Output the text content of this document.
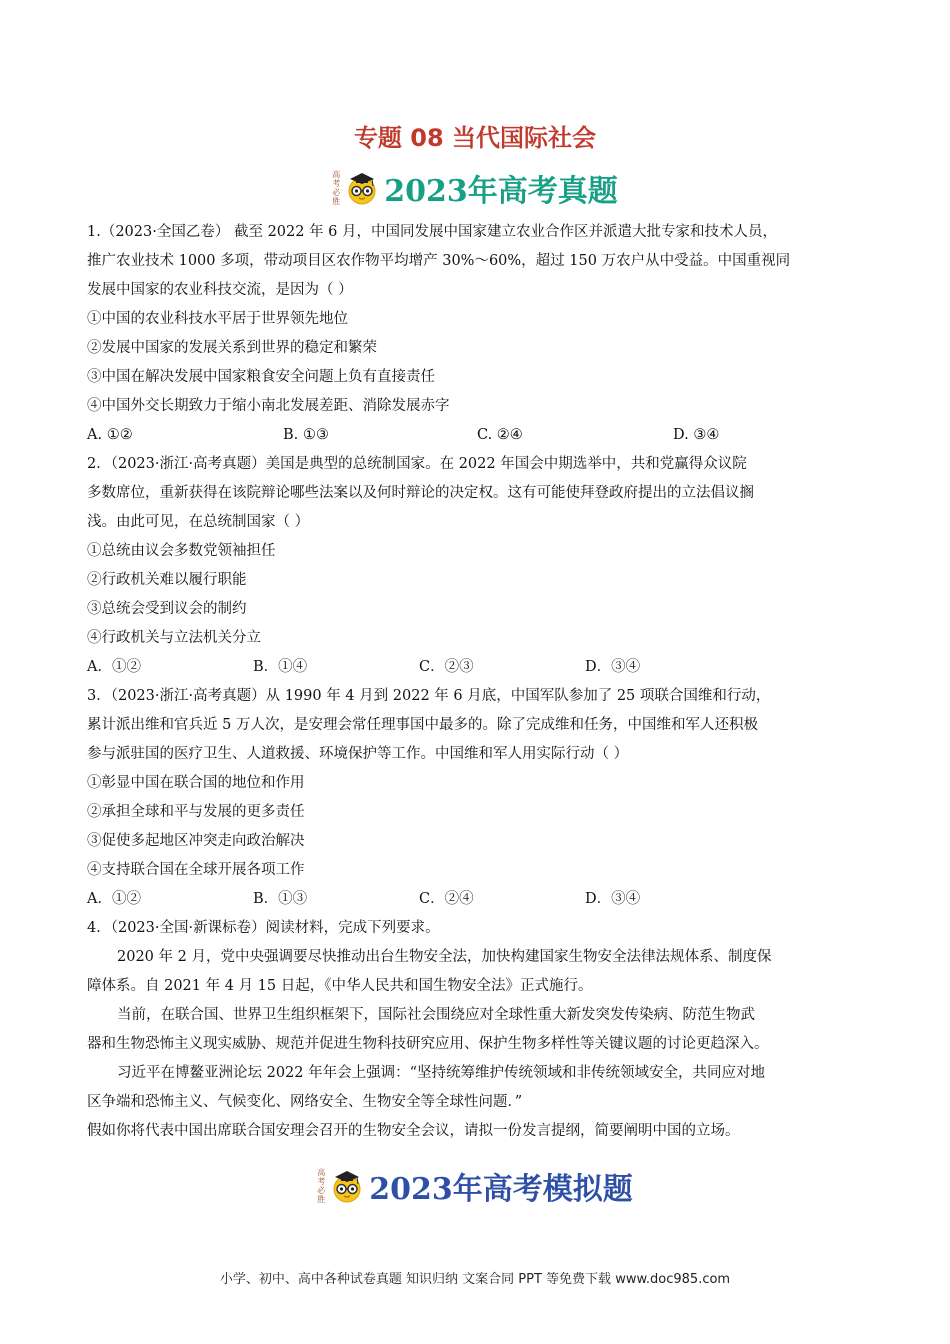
专题 08 当代国际社会
高考必胜 2023年高考真题

1.（2023·全国乙卷） 截至 2022 年 6 月，中国同发展中国家建立农业合作区并派遣大批专家和技术人员，

推广农业技术 1000 多项，带动项目区农作物平均增产 30%～60%，超过 150 万农户从中受益。中国重视同

发展中国家的农业科技交流，是因为（ ）

①中国的农业科技水平居于世界领先地位

②发展中国家的发展关系到世界的稳定和繁荣

③中国在解决发展中国家粮食安全问题上负有直接责任

④中国外交长期致力于缩小南北发展差距、消除发展赤字

A. ①②	B. ①③	C. ②④	D. ③④

2．（2023·浙江·高考真题）美国是典型的总统制国家。在 2022 年国会中期选举中，共和党赢得众议院

多数席位，重新获得在该院辩论哪些法案以及何时辩论的决定权。这有可能使拜登政府提出的立法倡议搁

浅。由此可见，在总统制国家（ ）

①总统由议会多数党领袖担任

②行政机关难以履行职能

③总统会受到议会的制约

④行政机关与立法机关分立

A．①②	B．①④	C．②③	D．③④

3．（2023·浙江·高考真题）从 1990 年 4 月到 2022 年 6 月底，中国军队参加了 25 项联合国维和行动，

累计派出维和官兵近 5 万人次，是安理会常任理事国中最多的。除了完成维和任务，中国维和军人还积极

参与派驻国的医疗卫生、人道救援、环境保护等工作。中国维和军人用实际行动（ ）

①彰显中国在联合国的地位和作用

②承担全球和平与发展的更多责任

③促使多起地区冲突走向政治解决

④支持联合国在全球开展各项工作

A．①②	B．①③	C．②④	D．③④

4．（2023·全国·新课标卷）阅读材料，完成下列要求。

2020 年 2 月，党中央强调要尽快推动出台生物安全法，加快构建国家生物安全法律法规体系、制度保

障体系。自 2021 年 4 月 15 日起，《中华人民共和国生物安全法》正式施行。

当前，在联合国、世界卫生组织框架下，国际社会围绕应对全球性重大新发突发传染病、防范生物武

器和生物恐怖主义现实威胁、规范并促进生物科技研究应用、保护生物多样性等关键议题的讨论更趋深入。

习近平在博鳌亚洲论坛 2022 年年会上强调：“坚持统筹维护传统领域和非传统领域安全，共同应对地

区争端和恐怖主义、气候变化、网络安全、生物安全等全球性问题．”

假如你将代表中国出席联合国安理会召开的生物安全会议，请拟一份发言提纲，简要阐明中国的立场。

高考必胜 2023年高考模拟题
小学、初中、高中各种试卷真题 知识归纳 文案合同 PPT 等免费下载 www.doc985.com
